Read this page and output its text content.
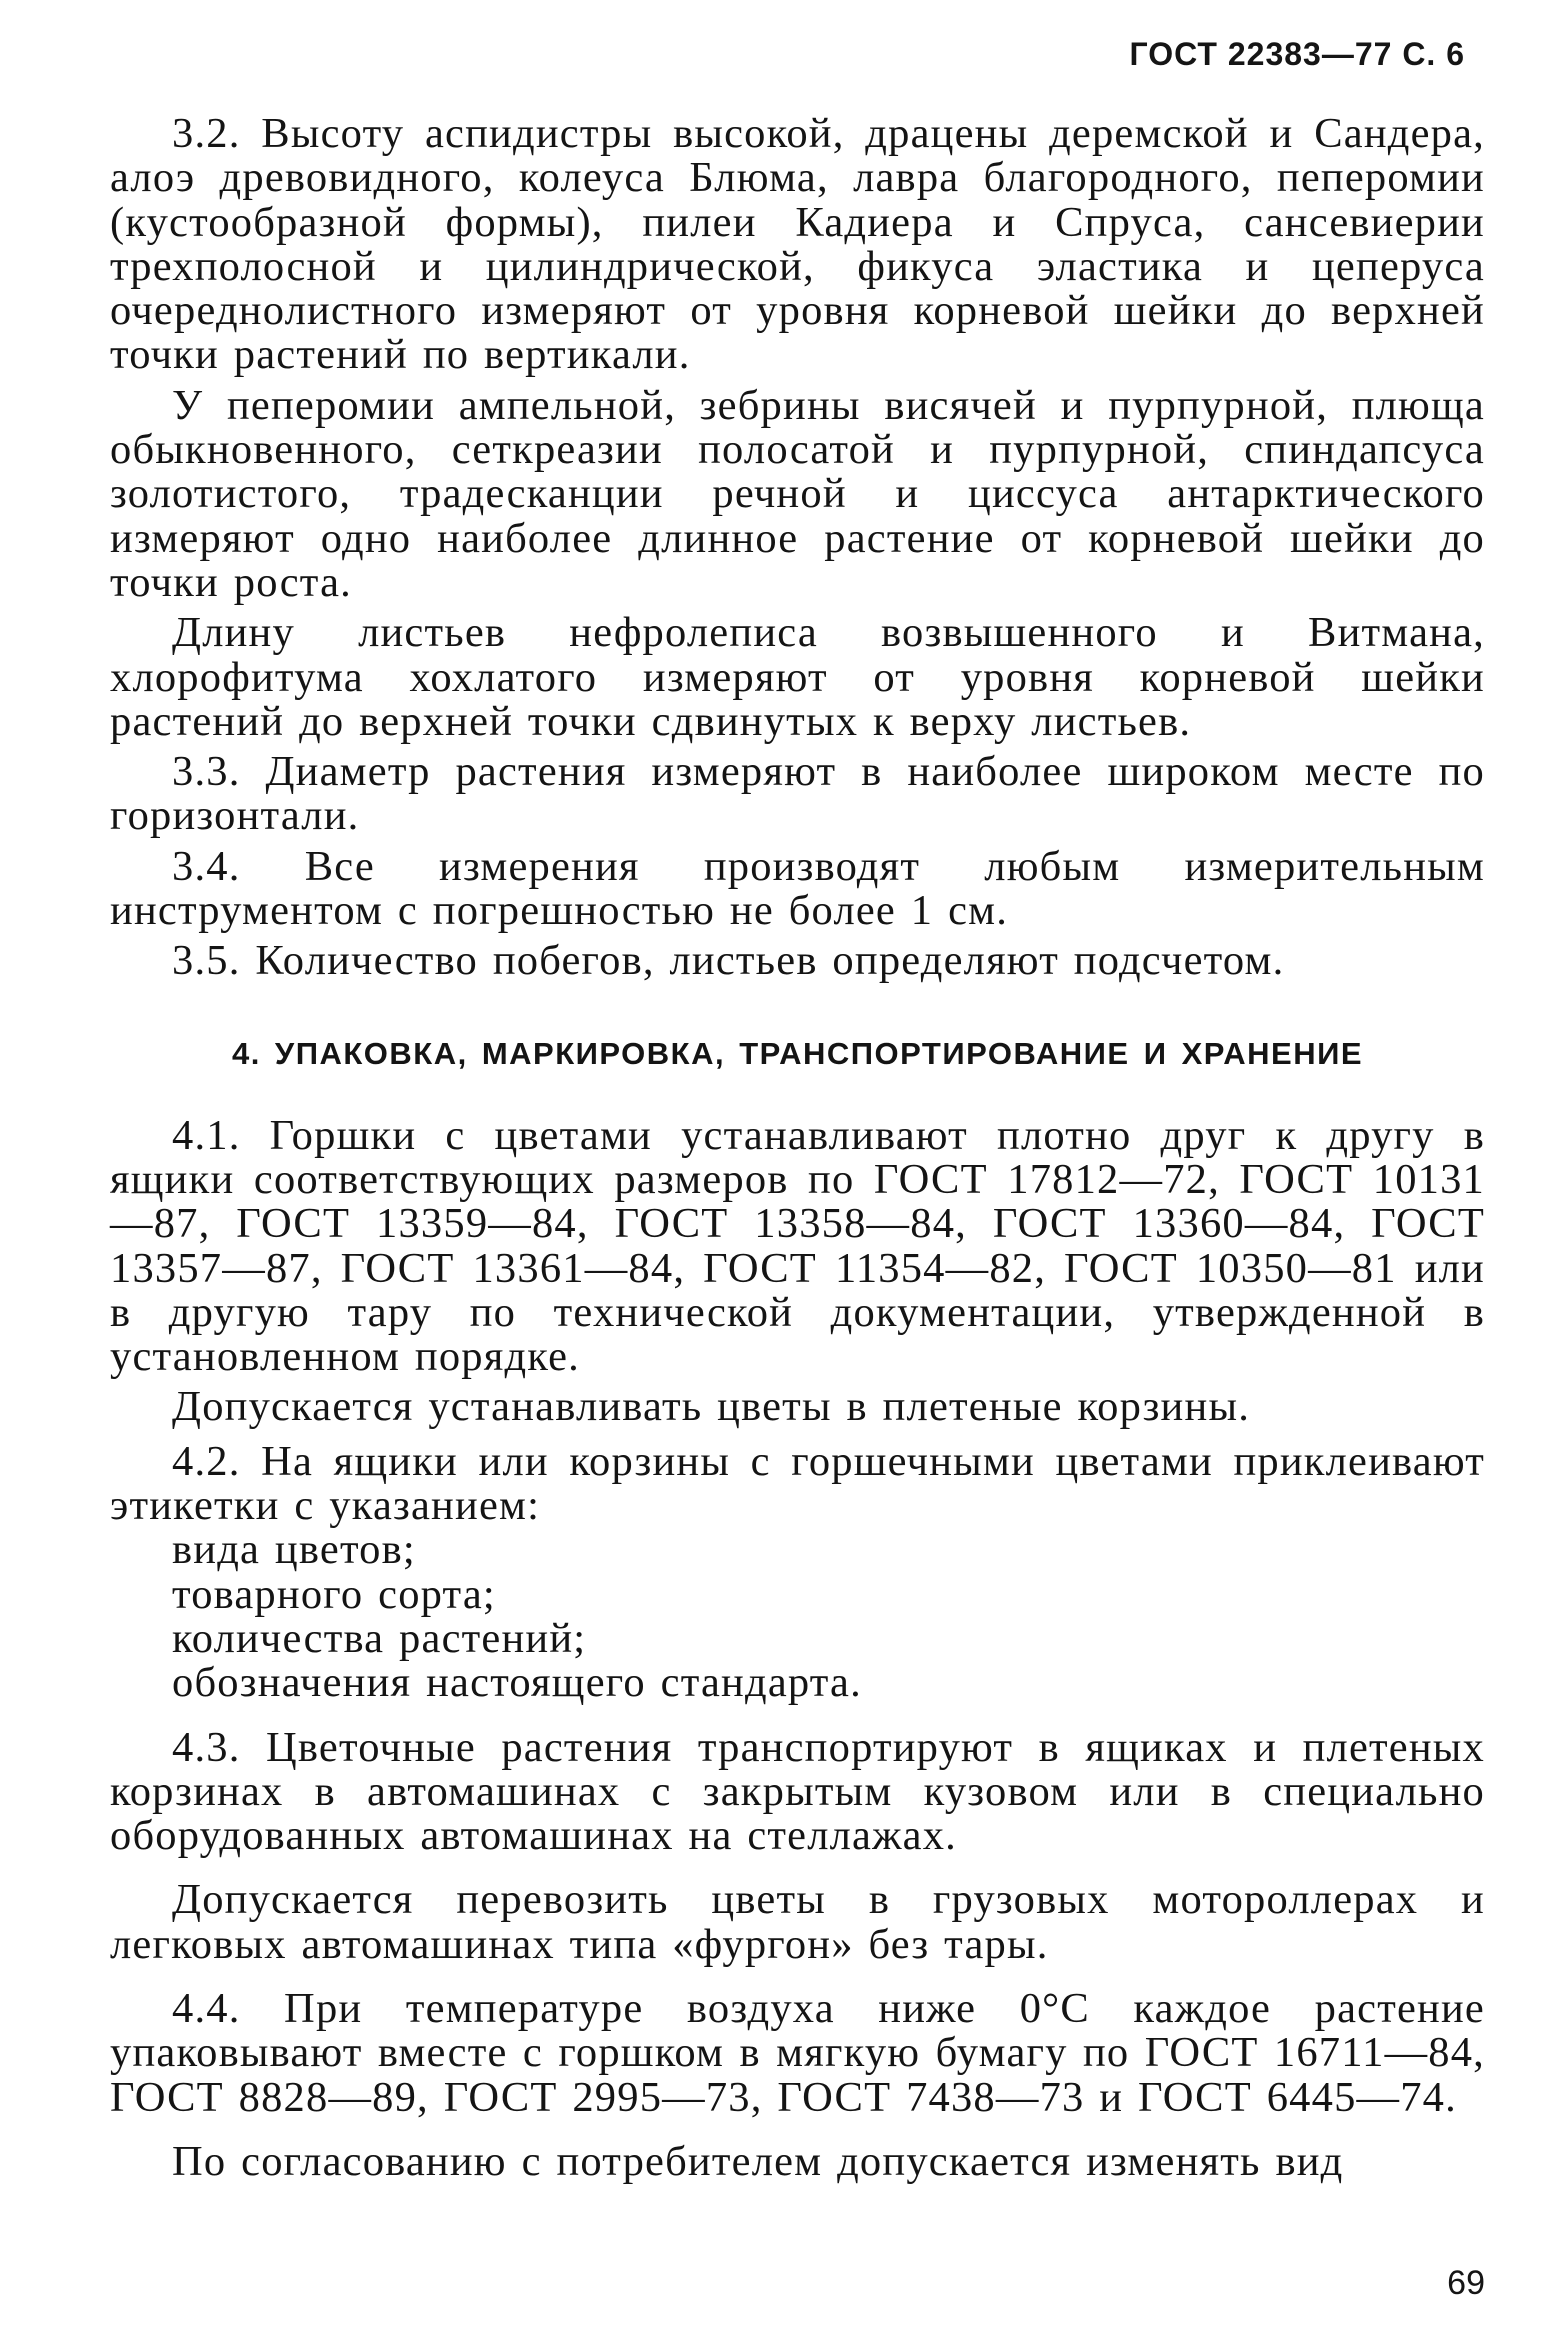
ГОСТ 22383—77 С. 6

3.2. Высоту аспидистры высокой, драцены деремской и Сандера, алоэ древовидного, колеуса Блюма, лавра благородного, пеперомии (кустообразной формы), пилеи Кадиера и Спруса, сансевиерии трехполосной и цилиндрической, фикуса эластика и цеперуса очереднолистного измеряют от уровня корневой шейки до верхней точки растений по вертикали.

У пеперомии ампельной, зебрины висячей и пурпурной, плюща обыкновенного, сеткреазии полосатой и пурпурной, спиндапсуса золотистого, традесканции речной и циссуса антарктического измеряют одно наиболее длинное растение от корневой шейки до точки роста.

Длину листьев нефролеписа возвышенного и Витмана, хлорофитума хохлатого измеряют от уровня корневой шейки растений до верхней точки сдвинутых к верху листьев.

3.3. Диаметр растения измеряют в наиболее широком месте по горизонтали.

3.4. Все измерения производят любым измерительным инструментом с погрешностью не более 1 см.

3.5. Количество побегов, листьев определяют подсчетом.

4. УПАКОВКА, МАРКИРОВКА, ТРАНСПОРТИРОВАНИЕ И ХРАНЕНИЕ

4.1. Горшки с цветами устанавливают плотно друг к другу в ящики соответствующих размеров по ГОСТ 17812—72, ГОСТ 10131—87, ГОСТ 13359—84, ГОСТ 13358—84, ГОСТ 13360—84, ГОСТ 13357—87, ГОСТ 13361—84, ГОСТ 11354—82, ГОСТ 10350—81 или в другую тару по технической документации, утвержденной в установленном порядке.

Допускается устанавливать цветы в плетеные корзины.

4.2. На ящики или корзины с горшечными цветами приклеивают этикетки с указанием:

вида цветов;

товарного сорта;

количества растений;

обозначения настоящего стандарта.

4.3. Цветочные растения транспортируют в ящиках и плетеных корзинах в автомашинах с закрытым кузовом или в специально оборудованных автомашинах на стеллажах.

Допускается перевозить цветы в грузовых мотороллерах и легковых автомашинах типа «фургон» без тары.

4.4. При температуре воздуха ниже 0°С каждое растение упаковывают вместе с горшком в мягкую бумагу по ГОСТ 16711—84, ГОСТ 8828—89, ГОСТ 2995—73, ГОСТ 7438—73 и ГОСТ 6445—74.

По согласованию с потребителем допускается изменять вид

69
